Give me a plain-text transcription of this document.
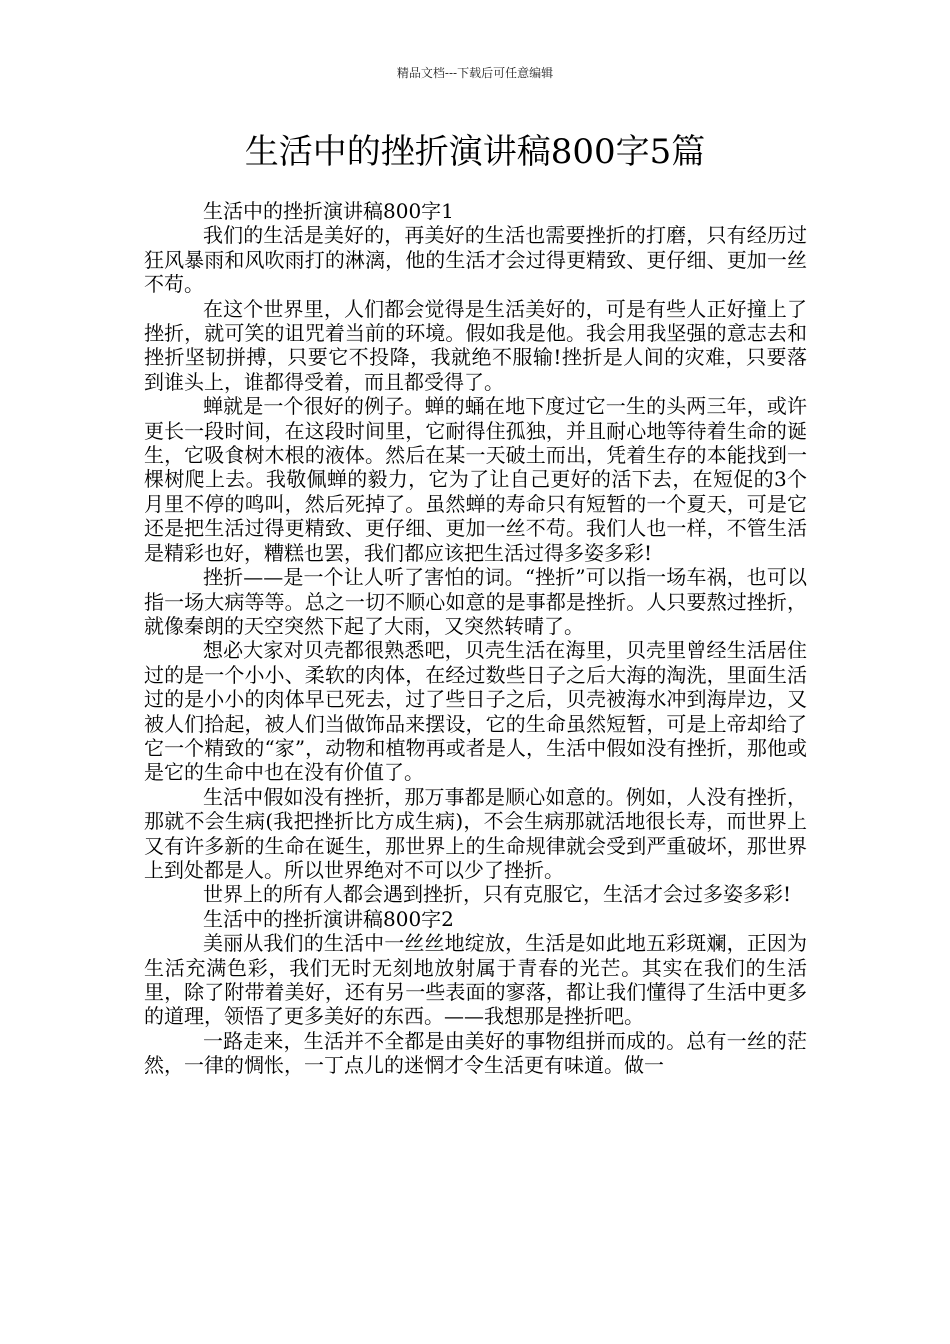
精品文档---下载后可任意编辑
生活中的挫折演讲稿800字5篇

生活中的挫折演讲稿800字1

我们的生活是美好的，再美好的生活也需要挫折的打磨，只有经历过狂风暴雨和风吹雨打的淋漓，他的生活才会过得更精致、更仔细、更加一丝不苟。

在这个世界里，人们都会觉得是生活美好的，可是有些人正好撞上了挫折，就可笑的诅咒着当前的环境。假如我是他。我会用我坚强的意志去和挫折坚韧拼搏，只要它不投降，我就绝不服输!挫折是人间的灾难，只要落到谁头上，谁都得受着，而且都受得了。

蝉就是一个很好的例子。蝉的蛹在地下度过它一生的头两三年，或许更长一段时间，在这段时间里，它耐得住孤独，并且耐心地等待着生命的诞生，它吸食树木根的液体。然后在某一天破土而出，凭着生存的本能找到一棵树爬上去。我敬佩蝉的毅力，它为了让自己更好的活下去，在短促的3个月里不停的鸣叫，然后死掉了。虽然蝉的寿命只有短暂的一个夏天，可是它还是把生活过得更精致、更仔细、更加一丝不苟。我们人也一样，不管生活是精彩也好，糟糕也罢，我们都应该把生活过得多姿多彩!

挫折——是一个让人听了害怕的词。“挫折”可以指一场车祸，也可以指一场大病等等。总之一切不顺心如意的是事都是挫折。人只要熬过挫折，就像秦朗的天空突然下起了大雨，又突然转晴了。

想必大家对贝壳都很熟悉吧，贝壳生活在海里，贝壳里曾经生活居住过的是一个小小、柔软的肉体，在经过数些日子之后大海的淘洗，里面生活过的是小小的肉体早已死去，过了些日子之后，贝壳被海水冲到海岸边，又被人们拾起，被人们当做饰品来摆设，它的生命虽然短暂，可是上帝却给了它一个精致的“家”，动物和植物再或者是人，生活中假如没有挫折，那他或是它的生命中也在没有价值了。

生活中假如没有挫折，那万事都是顺心如意的。例如，人没有挫折，那就不会生病(我把挫折比方成生病)，不会生病那就活地很长寿，而世界上又有许多新的生命在诞生，那世界上的生命规律就会受到严重破坏，那世界上到处都是人。所以世界绝对不可以少了挫折。

世界上的所有人都会遇到挫折，只有克服它，生活才会过多姿多彩!

生活中的挫折演讲稿800字2

美丽从我们的生活中一丝丝地绽放，生活是如此地五彩斑斓，正因为生活充满色彩，我们无时无刻地放射属于青春的光芒。其实在我们的生活里，除了附带着美好，还有另一些表面的寥落，都让我们懂得了生活中更多的道理，领悟了更多美好的东西。——我想那是挫折吧。

一路走来，生活并不全都是由美好的事物组拼而成的。总有一丝的茫然，一律的惆怅，一丁点儿的迷惘才令生活更有味道。做一
